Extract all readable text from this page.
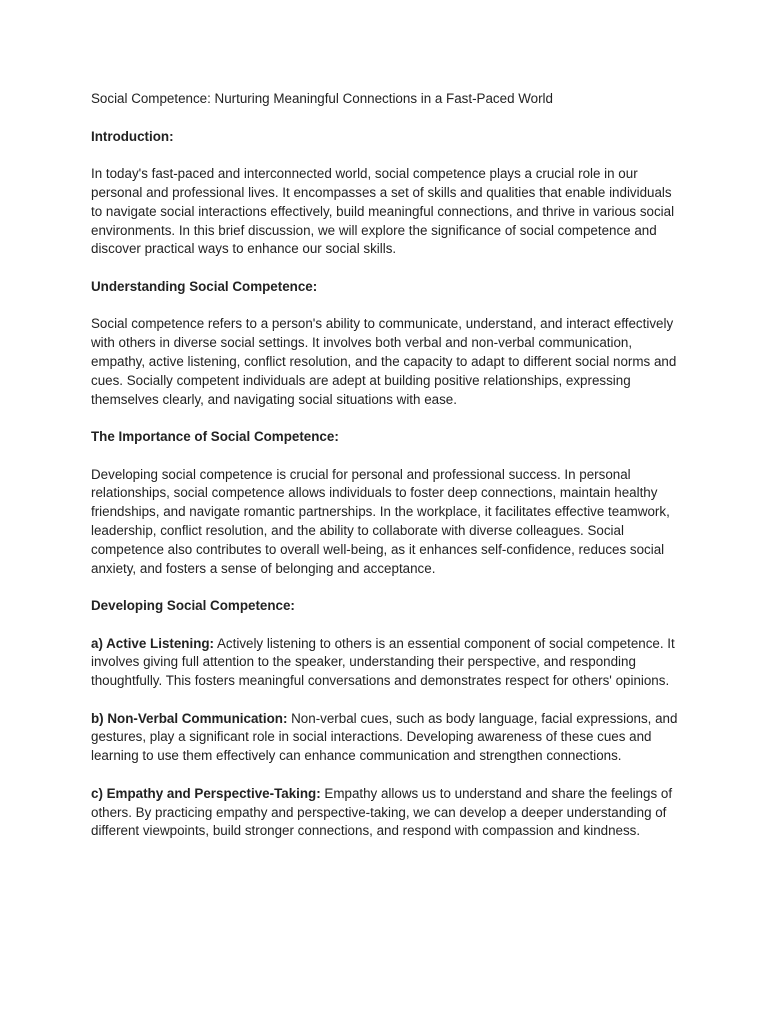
Social Competence: Nurturing Meaningful Connections in a Fast-Paced World

Introduction:

In today's fast-paced and interconnected world, social competence plays a crucial role in our personal and professional lives. It encompasses a set of skills and qualities that enable individuals to navigate social interactions effectively, build meaningful connections, and thrive in various social environments. In this brief discussion, we will explore the significance of social competence and discover practical ways to enhance our social skills.

Understanding Social Competence:

Social competence refers to a person's ability to communicate, understand, and interact effectively with others in diverse social settings. It involves both verbal and non-verbal communication, empathy, active listening, conflict resolution, and the capacity to adapt to different social norms and cues. Socially competent individuals are adept at building positive relationships, expressing themselves clearly, and navigating social situations with ease.

The Importance of Social Competence:

Developing social competence is crucial for personal and professional success. In personal relationships, social competence allows individuals to foster deep connections, maintain healthy friendships, and navigate romantic partnerships. In the workplace, it facilitates effective teamwork, leadership, conflict resolution, and the ability to collaborate with diverse colleagues. Social competence also contributes to overall well-being, as it enhances self-confidence, reduces social anxiety, and fosters a sense of belonging and acceptance.

Developing Social Competence:

a) Active Listening: Actively listening to others is an essential component of social competence. It involves giving full attention to the speaker, understanding their perspective, and responding thoughtfully. This fosters meaningful conversations and demonstrates respect for others' opinions.

b) Non-Verbal Communication: Non-verbal cues, such as body language, facial expressions, and gestures, play a significant role in social interactions. Developing awareness of these cues and learning to use them effectively can enhance communication and strengthen connections.

c) Empathy and Perspective-Taking: Empathy allows us to understand and share the feelings of others. By practicing empathy and perspective-taking, we can develop a deeper understanding of different viewpoints, build stronger connections, and respond with compassion and kindness.
